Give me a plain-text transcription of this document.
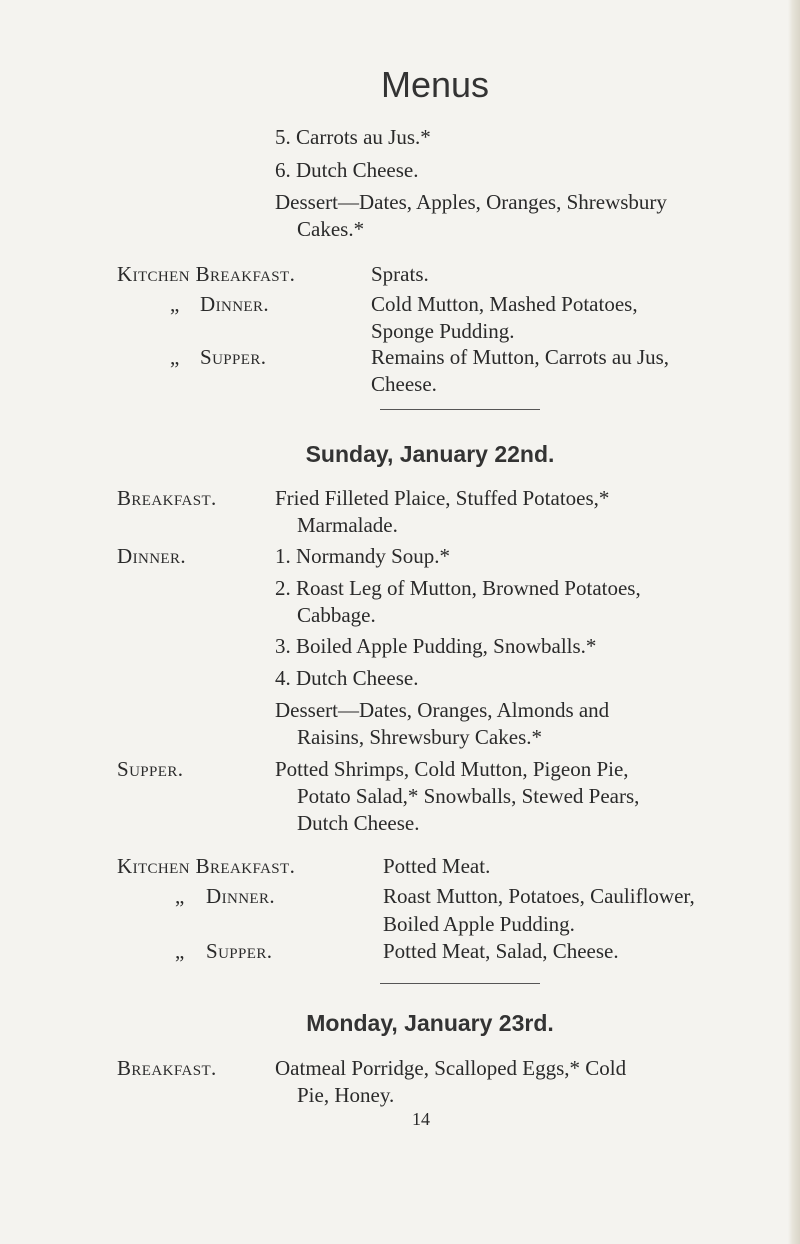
Menus
5. Carrots au Jus.*
6. Dutch Cheese.
Dessert—Dates, Apples, Oranges, Shrewsbury
Cakes.*
Kitchen Breakfast.	Sprats.
„ Dinner.	Cold Mutton, Mashed Potatoes,
Sponge Pudding.
„ Supper.	Remains of Mutton, Carrots au Jus,
Cheese.
Sunday, January 22nd.
Breakfast.	Fried Filleted Plaice, Stuffed Potatoes,*
Marmalade.
Dinner.	1. Normandy Soup.*
2. Roast Leg of Mutton, Browned Potatoes,
Cabbage.
3. Boiled Apple Pudding, Snowballs.*
4. Dutch Cheese.
Dessert—Dates, Oranges, Almonds and
Raisins, Shrewsbury Cakes.*
Supper.	Potted Shrimps, Cold Mutton, Pigeon Pie,
Potato Salad,* Snowballs, Stewed Pears,
Dutch Cheese.
Kitchen Breakfast.	Potted Meat.
„ Dinner.	Roast Mutton, Potatoes, Cauliflower,
Boiled Apple Pudding.
„ Supper.	Potted Meat, Salad, Cheese.
Monday, January 23rd.
Breakfast.	Oatmeal Porridge, Scalloped Eggs,* Cold
Pie, Honey.
14
